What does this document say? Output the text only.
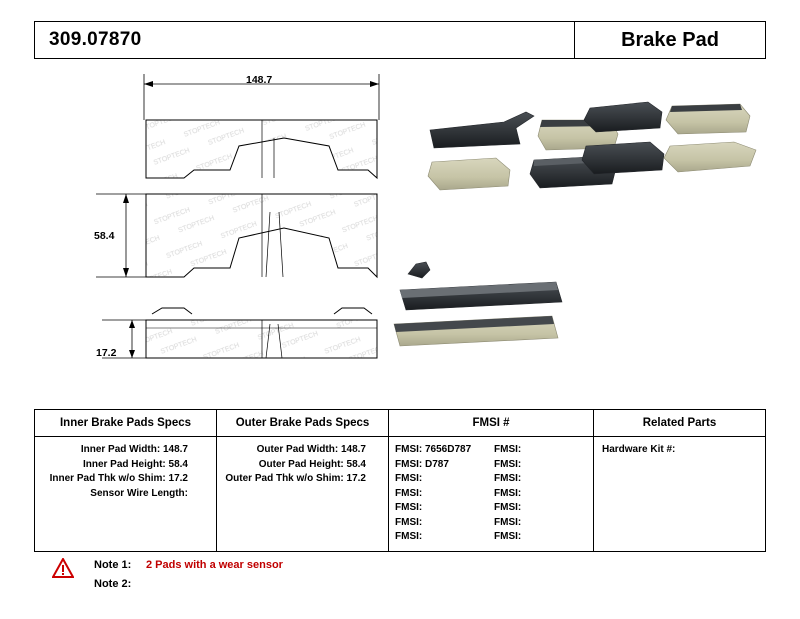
309.07870	Brake Pad
148.7
58.4
17.2
Inner Brake Pads Specs
Inner Pad Width: 148.7
Inner Pad Height: 58.4
Inner Pad Thk w/o Shim: 17.2
Sensor Wire Length:
Outer Brake Pads Specs
Outer Pad Width: 148.7
Outer Pad Height: 58.4
Outer Pad Thk w/o Shim: 17.2
FMSI #
FMSI: 7656D787
FMSI: D787
FMSI:
FMSI:
FMSI:
FMSI:
FMSI:
FMSI:
FMSI:
FMSI:
FMSI:
FMSI:
FMSI:
FMSI:
Related Parts
Hardware Kit #:
Note 1: 2 Pads with a wear sensor
Note 2:
